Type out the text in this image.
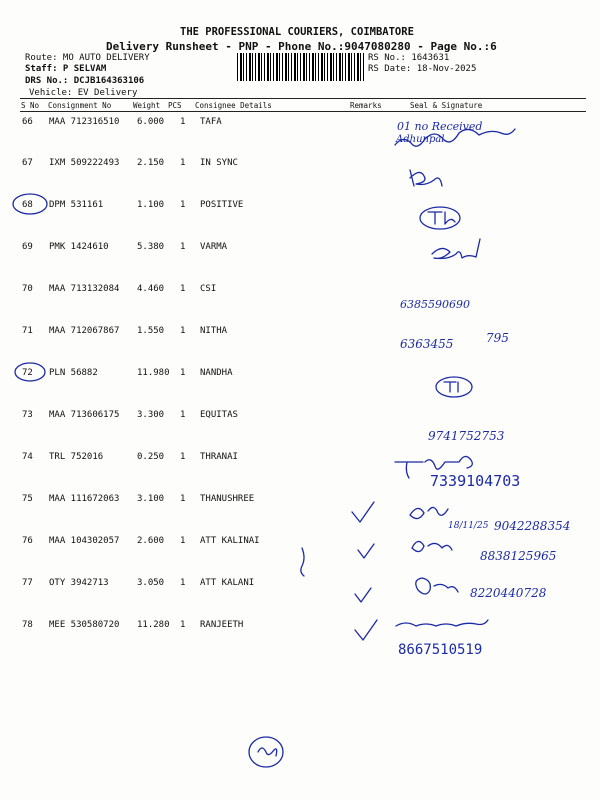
THE PROFESSIONAL COURIERS, COIMBATORE
Delivery Runsheet - PNP - Phone No.:9047080280 - Page No.:6
Route: MO AUTO DELIVERY
Staff: P SELVAM
DRS No.: DCJB164363106
Vehicle: EV Delivery
RS No.: 1643631
RS Date: 18-Nov-2025
S No Consignment No	Weight PCS Consignee Details	Remarks	Seal & Signature
66 MAA 712316510 6.000 1 TAFA
67 IXM 509222493 2.150 1 IN SYNC
68 DPM 531161	1.100 1 POSITIVE
69 PMK 1424610	5.380 1 VARMA
70 MAA 713132084 4.460 1 CSI
71 MAA 712067867 1.550 1 NITHA
72 PLN 56882	11.980 1 NANDHA
73 MAA 713606175 3.300 1 EQUITAS
74 TRL 752016	0.250 1 THRANAI
75 MAA 111672063 3.100 1 THANUSHREE
76 MAA 104302057 2.600 1 ATT KALINAI
77 OTY 3942713	3.050 1 ATT KALANI
78 MEE 530580720 11.280 1 RANJEETH
01 no Received
Adhunpal
6385590690
6363455	795
9741752753
7339104703
18/11/25 9042288354
8838125965
8220440728
8667510519
